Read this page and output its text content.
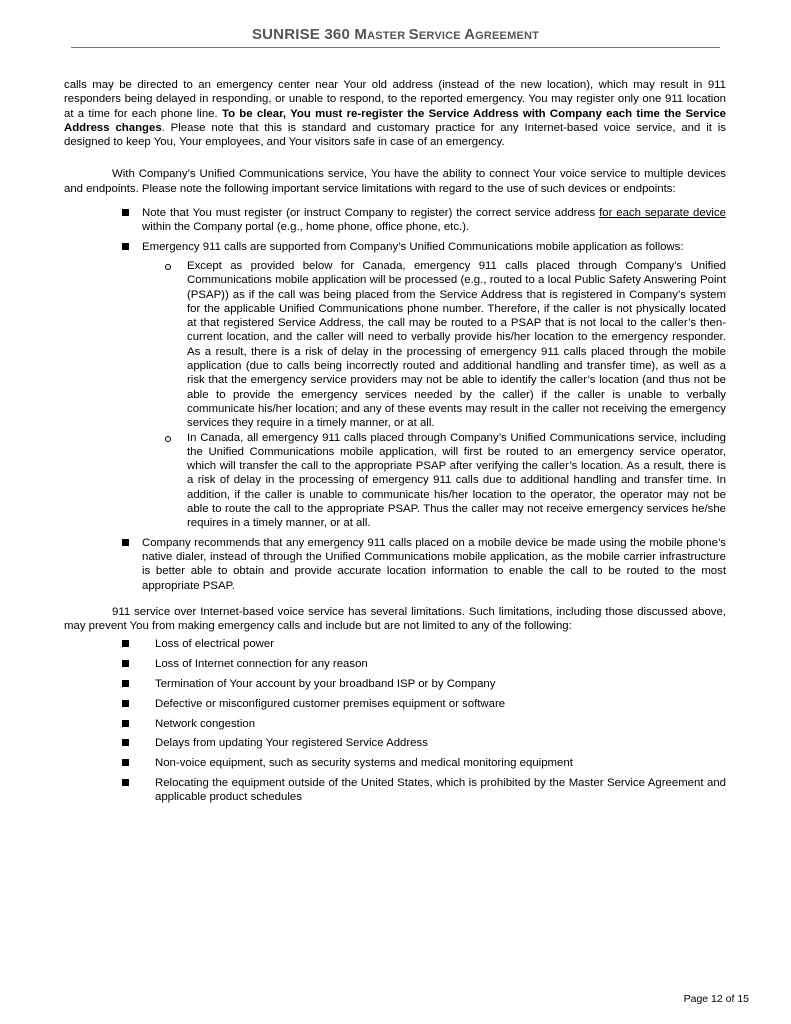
SUNRISE 360 MASTER SERVICE AGREEMENT

calls may be directed to an emergency center near Your old address (instead of the new location), which may result in 911 responders being delayed in responding, or unable to respond, to the reported emergency. You may register only one 911 location at a time for each phone line. To be clear, You must re-register the Service Address with Company each time the Service Address changes. Please note that this is standard and customary practice for any Internet-based voice service, and it is designed to keep You, Your employees, and Your visitors safe in case of an emergency.

With Company’s Unified Communications service, You have the ability to connect Your voice service to multiple devices and endpoints. Please note the following important service limitations with regard to the use of such devices or endpoints:

Note that You must register (or instruct Company to register) the correct service address for each separate device within the Company portal (e.g., home phone, office phone, etc.).
Emergency 911 calls are supported from Company’s Unified Communications mobile application as follows:
Except as provided below for Canada, emergency 911 calls placed through Company’s Unified Communications mobile application will be processed (e.g., routed to a local Public Safety Answering Point (PSAP)) as if the call was being placed from the Service Address that is registered in Company’s system for the applicable Unified Communications phone number. Therefore, if the caller is not physically located at that registered Service Address, the call may be routed to a PSAP that is not local to the caller’s then-current location, and the caller will need to verbally provide his/her location to the emergency responder. As a result, there is a risk of delay in the processing of emergency 911 calls placed through the mobile application (due to calls being incorrectly routed and additional handling and transfer time), as well as a risk that the emergency service providers may not be able to identify the caller’s location (and thus not be able to provide the emergency services needed by the caller) if the caller is unable to verbally communicate his/her location; and any of these events may result in the caller not receiving the emergency services they require in a timely manner, or at all.
In Canada, all emergency 911 calls placed through Company’s Unified Communications service, including the Unified Communications mobile application, will first be routed to an emergency service operator, which will transfer the call to the appropriate PSAP after verifying the caller’s location. As a result, there is a risk of delay in the processing of emergency 911 calls due to additional handling and transfer time. In addition, if the caller is unable to communicate his/her location to the operator, the operator may not be able to route the call to the appropriate PSAP. Thus the caller may not receive emergency services he/she requires in a timely manner, or at all.
Company recommends that any emergency 911 calls placed on a mobile device be made using the mobile phone’s native dialer, instead of through the Unified Communications mobile application, as the mobile carrier infrastructure is better able to obtain and provide accurate location information to enable the call to be routed to the most appropriate PSAP.

911 service over Internet-based voice service has several limitations. Such limitations, including those discussed above, may prevent You from making emergency calls and include but are not limited to any of the following:

Loss of electrical power
Loss of Internet connection for any reason
Termination of Your account by your broadband ISP or by Company
Defective or misconfigured customer premises equipment or software
Network congestion
Delays from updating Your registered Service Address
Non-voice equipment, such as security systems and medical monitoring equipment
Relocating the equipment outside of the United States, which is prohibited by the Master Service Agreement and applicable product schedules
Page 12 of 15
